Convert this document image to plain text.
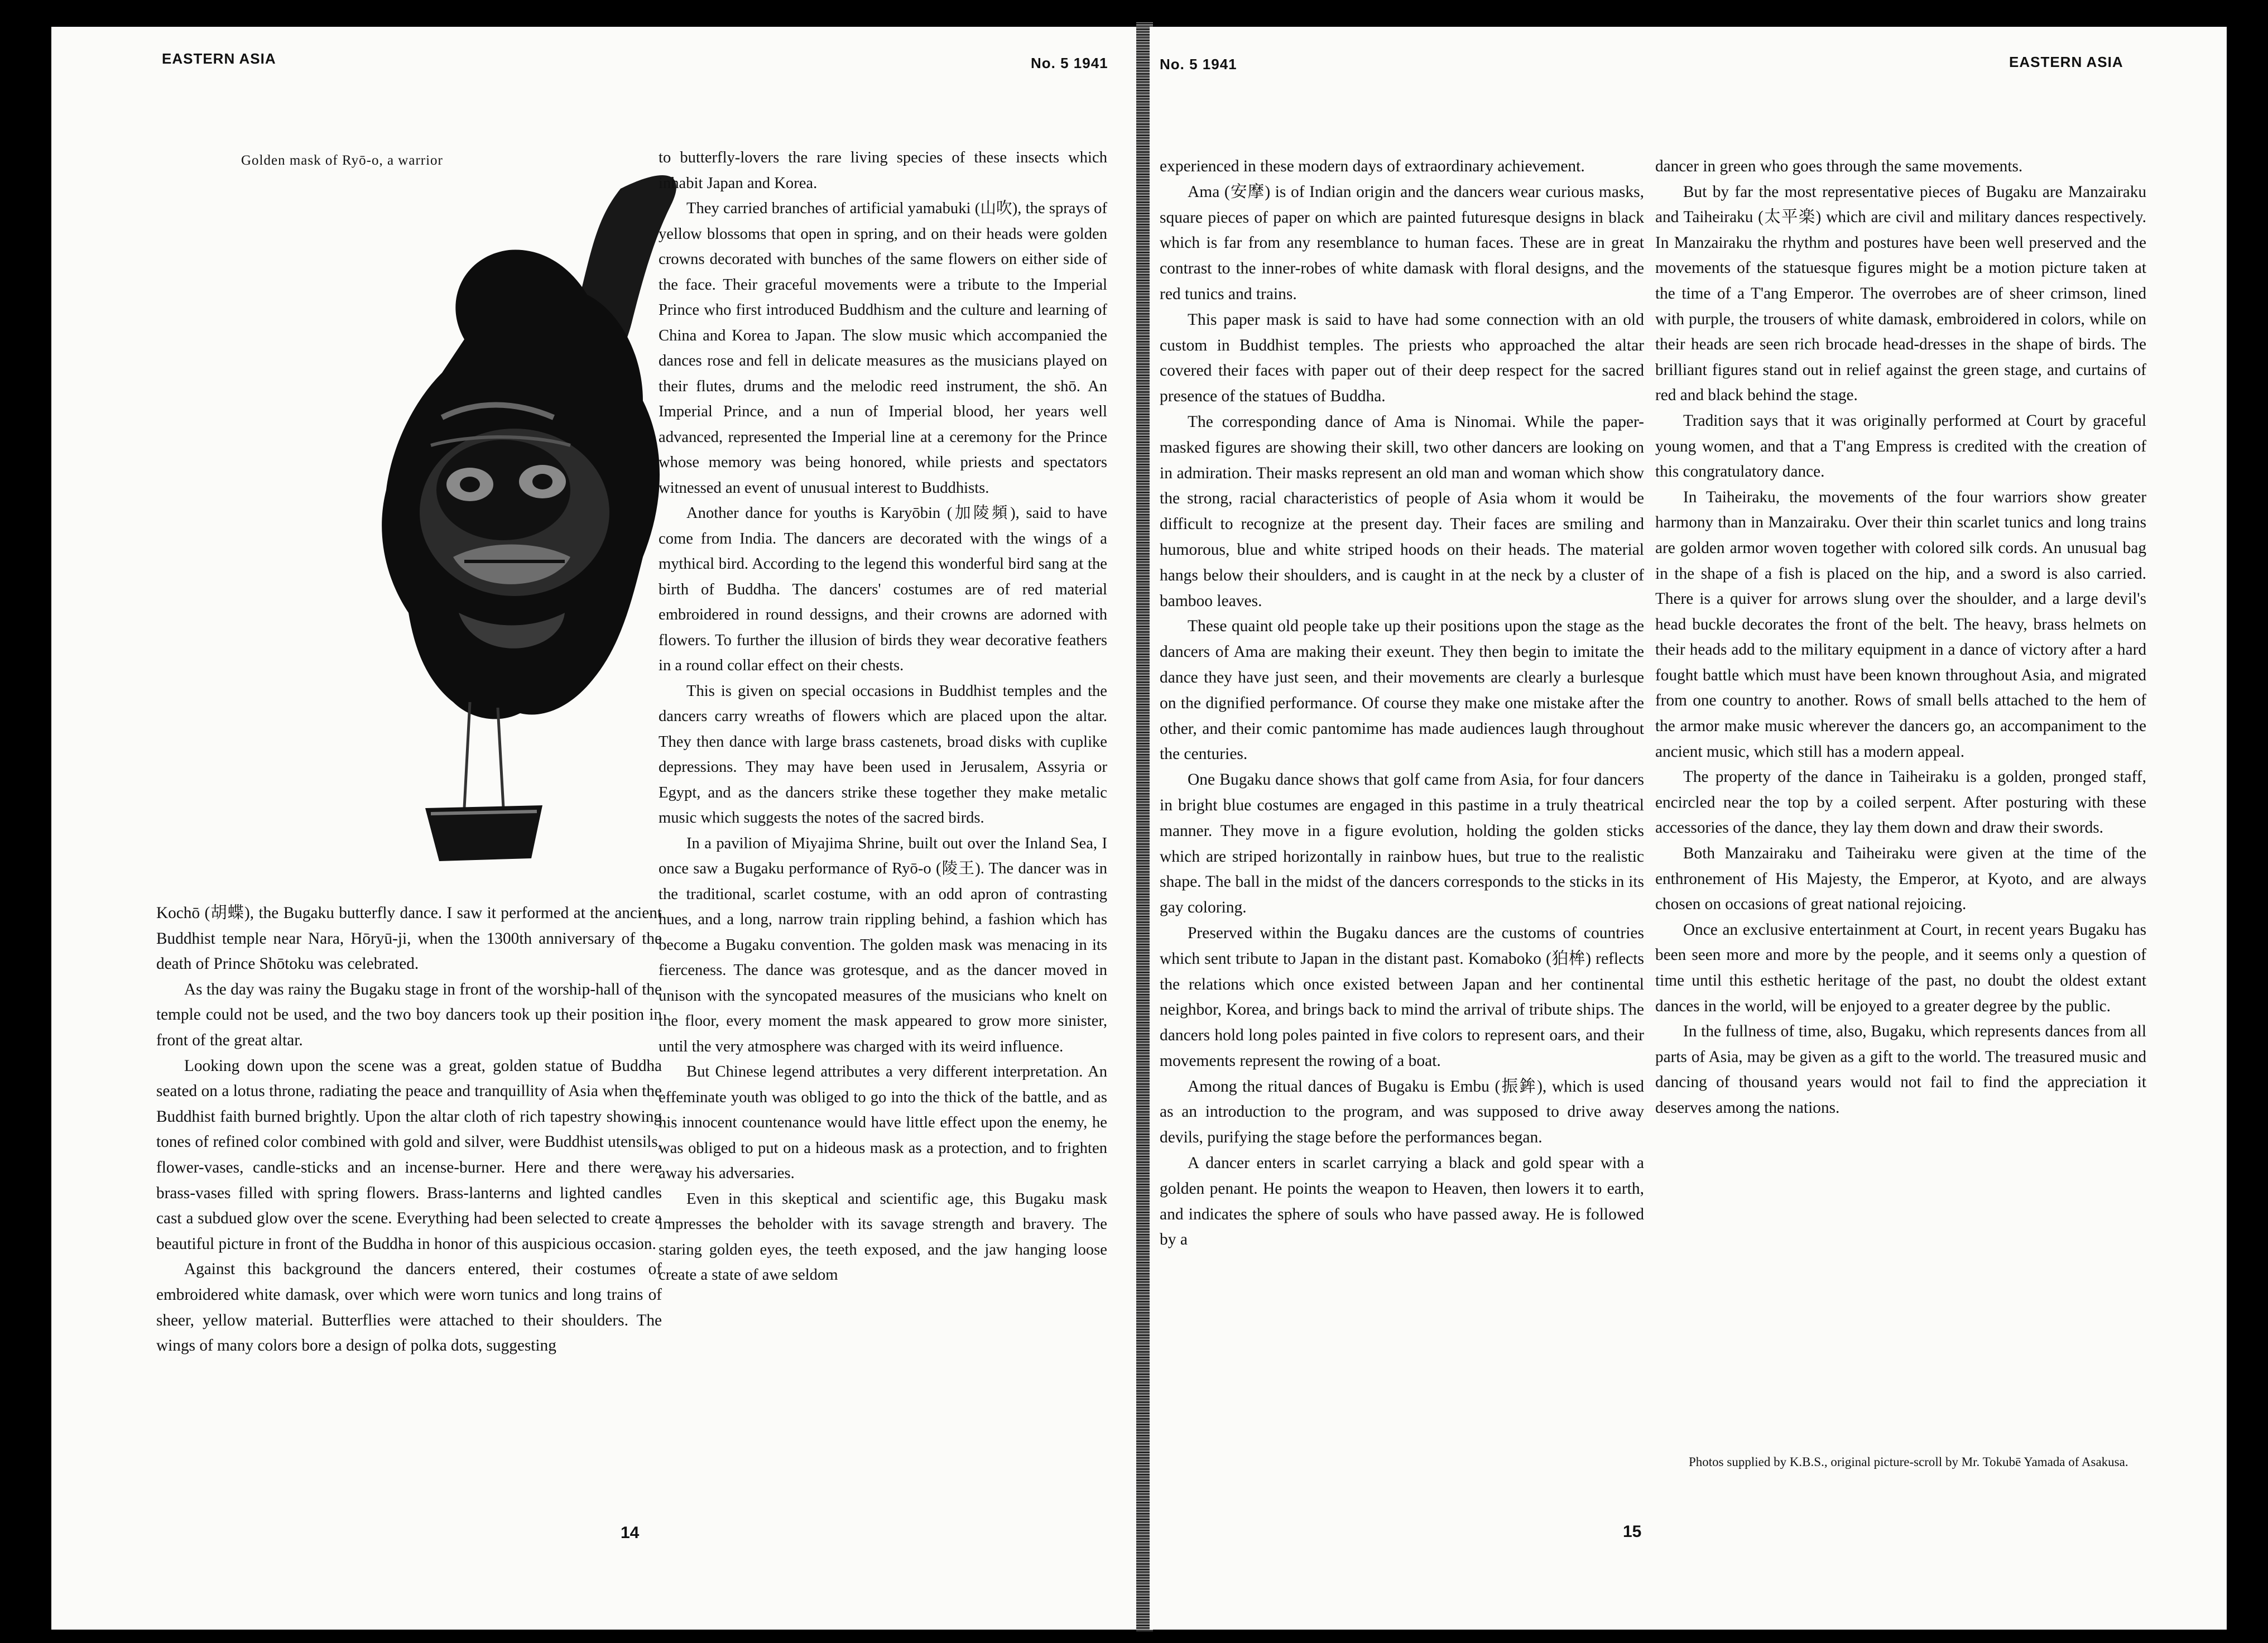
EASTERN ASIA	No. 5 1941
Golden mask of Ryō-o, a warrior

Kochō (胡蝶), the Bugaku butterfly dance. I saw it performed at the ancient Buddhist temple near Nara, Hōryū-ji, when the 1300th anniversary of the death of Prince Shōtoku was celebrated.

As the day was rainy the Bugaku stage in front of the worship-hall of the temple could not be used, and the two boy dancers took up their position in front of the great altar.

Looking down upon the scene was a great, golden statue of Buddha seated on a lotus throne, radiating the peace and tranquillity of Asia when the Buddhist faith burned brightly. Upon the altar cloth of rich tapestry showing tones of refined color combined with gold and silver, were Buddhist utensils, flower-vases, candle-sticks and an incense-burner. Here and there were brass-vases filled with spring flowers. Brass-lanterns and lighted candles cast a subdued glow over the scene. Everything had been selected to create a beautiful picture in front of the Buddha in honor of this auspicious occasion.

Against this background the dancers entered, their costumes of embroidered white damask, over which were worn tunics and long trains of sheer, yellow material. Butterflies were attached to their shoulders. The wings of many colors bore a design of polka dots, suggesting

to butterfly-lovers the rare living species of these insects which inhabit Japan and Korea.

They carried branches of artificial yamabuki (山吹), the sprays of yellow blossoms that open in spring, and on their heads were golden crowns decorated with bunches of the same flowers on either side of the face. Their graceful movements were a tribute to the Imperial Prince who first introduced Buddhism and the culture and learning of China and Korea to Japan. The slow music which accompanied the dances rose and fell in delicate measures as the musicians played on their flutes, drums and the melodic reed instrument, the shō. An Imperial Prince, and a nun of Imperial blood, her years well advanced, represented the Imperial line at a ceremony for the Prince whose memory was being honored, while priests and spectators witnessed an event of unusual interest to Buddhists.

Another dance for youths is Karyōbin (加陵頻), said to have come from India. The dancers are decorated with the wings of a mythical bird. According to the legend this wonderful bird sang at the birth of Buddha. The dancers' costumes are of red material embroidered in round dessigns, and their crowns are adorned with flowers. To further the illusion of birds they wear decorative feathers in a round collar effect on their chests.

This is given on special occasions in Buddhist temples and the dancers carry wreaths of flowers which are placed upon the altar. They then dance with large brass castenets, broad disks with cuplike depressions. They may have been used in Jerusalem, Assyria or Egypt, and as the dancers strike these together they make metalic music which suggests the notes of the sacred birds.

In a pavilion of Miyajima Shrine, built out over the Inland Sea, I once saw a Bugaku performance of Ryō-o (陵王). The dancer was in the traditional, scarlet costume, with an odd apron of contrasting hues, and a long, narrow train rippling behind, a fashion which has become a Bugaku convention. The golden mask was menacing in its fierceness. The dance was grotesque, and as the dancer moved in unison with the syncopated measures of the musicians who knelt on the floor, every moment the mask appeared to grow more sinister, until the very atmosphere was charged with its weird influence.

But Chinese legend attributes a very different interpretation. An effeminate youth was obliged to go into the thick of the battle, and as his innocent countenance would have little effect upon the enemy, he was obliged to put on a hideous mask as a protection, and to frighten away his adversaries.

Even in this skeptical and scientific age, this Bugaku mask impresses the beholder with its savage strength and bravery. The staring golden eyes, the teeth exposed, and the jaw hanging loose create a state of awe seldom

14
No. 5 1941	EASTERN ASIA

experienced in these modern days of extraordinary achievement.

Ama (安摩) is of Indian origin and the dancers wear curious masks, square pieces of paper on which are painted futuresque designs in black which is far from any resemblance to human faces. These are in great contrast to the inner-robes of white damask with floral designs, and the red tunics and trains.

This paper mask is said to have had some connection with an old custom in Buddhist temples. The priests who approached the altar covered their faces with paper out of their deep respect for the sacred presence of the statues of Buddha.

The corresponding dance of Ama is Ninomai. While the paper-masked figures are showing their skill, two other dancers are looking on in admiration. Their masks represent an old man and woman which show the strong, racial characteristics of people of Asia whom it would be difficult to recognize at the present day. Their faces are smiling and humorous, blue and white striped hoods on their heads. The material hangs below their shoulders, and is caught in at the neck by a cluster of bamboo leaves.

These quaint old people take up their positions upon the stage as the dancers of Ama are making their exeunt. They then begin to imitate the dance they have just seen, and their movements are clearly a burlesque on the dignified performance. Of course they make one mistake after the other, and their comic pantomime has made audiences laugh throughout the centuries.

One Bugaku dance shows that golf came from Asia, for four dancers in bright blue costumes are engaged in this pastime in a truly theatrical manner. They move in a figure evolution, holding the golden sticks which are striped horizontally in rainbow hues, but true to the realistic shape. The ball in the midst of the dancers corresponds to the sticks in its gay coloring.

Preserved within the Bugaku dances are the customs of countries which sent tribute to Japan in the distant past. Komaboko (狛桙) reflects the relations which once existed between Japan and her continental neighbor, Korea, and brings back to mind the arrival of tribute ships. The dancers hold long poles painted in five colors to represent oars, and their movements represent the rowing of a boat.

Among the ritual dances of Bugaku is Embu (振鉾), which is used as an introduction to the program, and was supposed to drive away devils, purifying the stage before the performances began.

A dancer enters in scarlet carrying a black and gold spear with a golden penant. He points the weapon to Heaven, then lowers it to earth, and indicates the sphere of souls who have passed away. He is followed by a

dancer in green who goes through the same movements.

But by far the most representative pieces of Bugaku are Manzairaku and Taiheiraku (太平楽) which are civil and military dances respectively. In Manzairaku the rhythm and postures have been well preserved and the movements of the statuesque figures might be a motion picture taken at the time of a T'ang Emperor. The overrobes are of sheer crimson, lined with purple, the trousers of white damask, embroidered in colors, while on their heads are seen rich brocade head-dresses in the shape of birds. The brilliant figures stand out in relief against the green stage, and curtains of red and black behind the stage.

Tradition says that it was originally performed at Court by graceful young women, and that a T'ang Empress is credited with the creation of this congratulatory dance.

In Taiheiraku, the movements of the four warriors show greater harmony than in Manzairaku. Over their thin scarlet tunics and long trains are golden armor woven together with colored silk cords. An unusual bag in the shape of a fish is placed on the hip, and a sword is also carried. There is a quiver for arrows slung over the shoulder, and a large devil's head buckle decorates the front of the belt. The heavy, brass helmets on their heads add to the military equipment in a dance of victory after a hard fought battle which must have been known throughout Asia, and migrated from one country to another. Rows of small bells attached to the hem of the armor make music wherever the dancers go, an accompaniment to the ancient music, which still has a modern appeal.

The property of the dance in Taiheiraku is a golden, pronged staff, encircled near the top by a coiled serpent. After posturing with these accessories of the dance, they lay them down and draw their swords.

Both Manzairaku and Taiheiraku were given at the time of the enthronement of His Majesty, the Emperor, at Kyoto, and are always chosen on occasions of great national rejoicing.

Once an exclusive entertainment at Court, in recent years Bugaku has been seen more and more by the people, and it seems only a question of time until this esthetic heritage of the past, no doubt the oldest extant dances in the world, will be enjoyed to a greater degree by the public.

In the fullness of time, also, Bugaku, which represents dances from all parts of Asia, may be given as a gift to the world. The treasured music and dancing of thousand years would not fail to find the appreciation it deserves among the nations.

Photos supplied by K.B.S., original picture-scroll by Mr. Tokubē Yamada of Asakusa.
15
